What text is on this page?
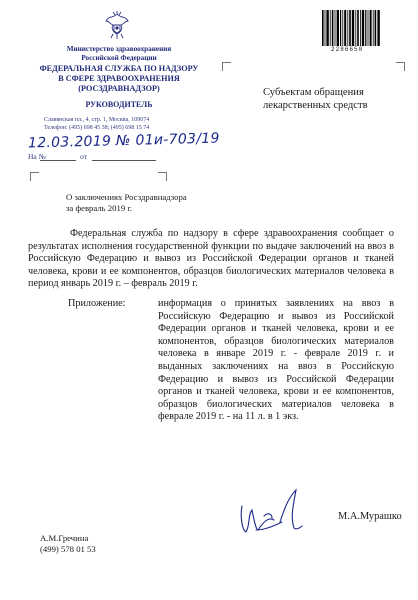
Министерство здравоохранения
Российской Федерации
ФЕДЕРАЛЬНАЯ СЛУЖБА ПО НАДЗОРУ
В СФЕРЕ ЗДРАВООХРАНЕНИЯ
(РОСЗДРАВНАДЗОР)
РУКОВОДИТЕЛЬ
Славянская пл., 4, стр. 1, Москва, 109074
Телефон: (495) 698 45 38; (495) 698 15 74
12.03.2019 № 01и-703/19
На №	от
2286650
Субъектам обращения
лекарственных средств
О заключениях Росздравнадзора
за февраль 2019 г.
Федеральная служба по надзору в сфере здравоохранения сообщает о результатах исполнения государственной функции по выдаче заключений на ввоз в Российскую Федерацию и вывоз из Российской Федерации органов и тканей человека, крови и ее компонентов, образцов биологических материалов человека в период январь 2019 г. – февраль 2019 г.
Приложение:	информация о принятых заявлениях на ввоз в Российскую Федерацию и вывоз из Российской Федерации органов и тканей человека, крови и ее компонентов, образцов биологических материалов человека в январе 2019 г. - феврале 2019 г. и выданных заключениях на ввоз в Российскую Федерацию и вывоз из Российской Федерации органов и тканей человека, крови и ее компонентов, образцов биологических материалов человека в феврале 2019 г. - на 11 л. в 1 экз.
М.А.Мурашко
А.М.Гречина
(499) 578 01 53
